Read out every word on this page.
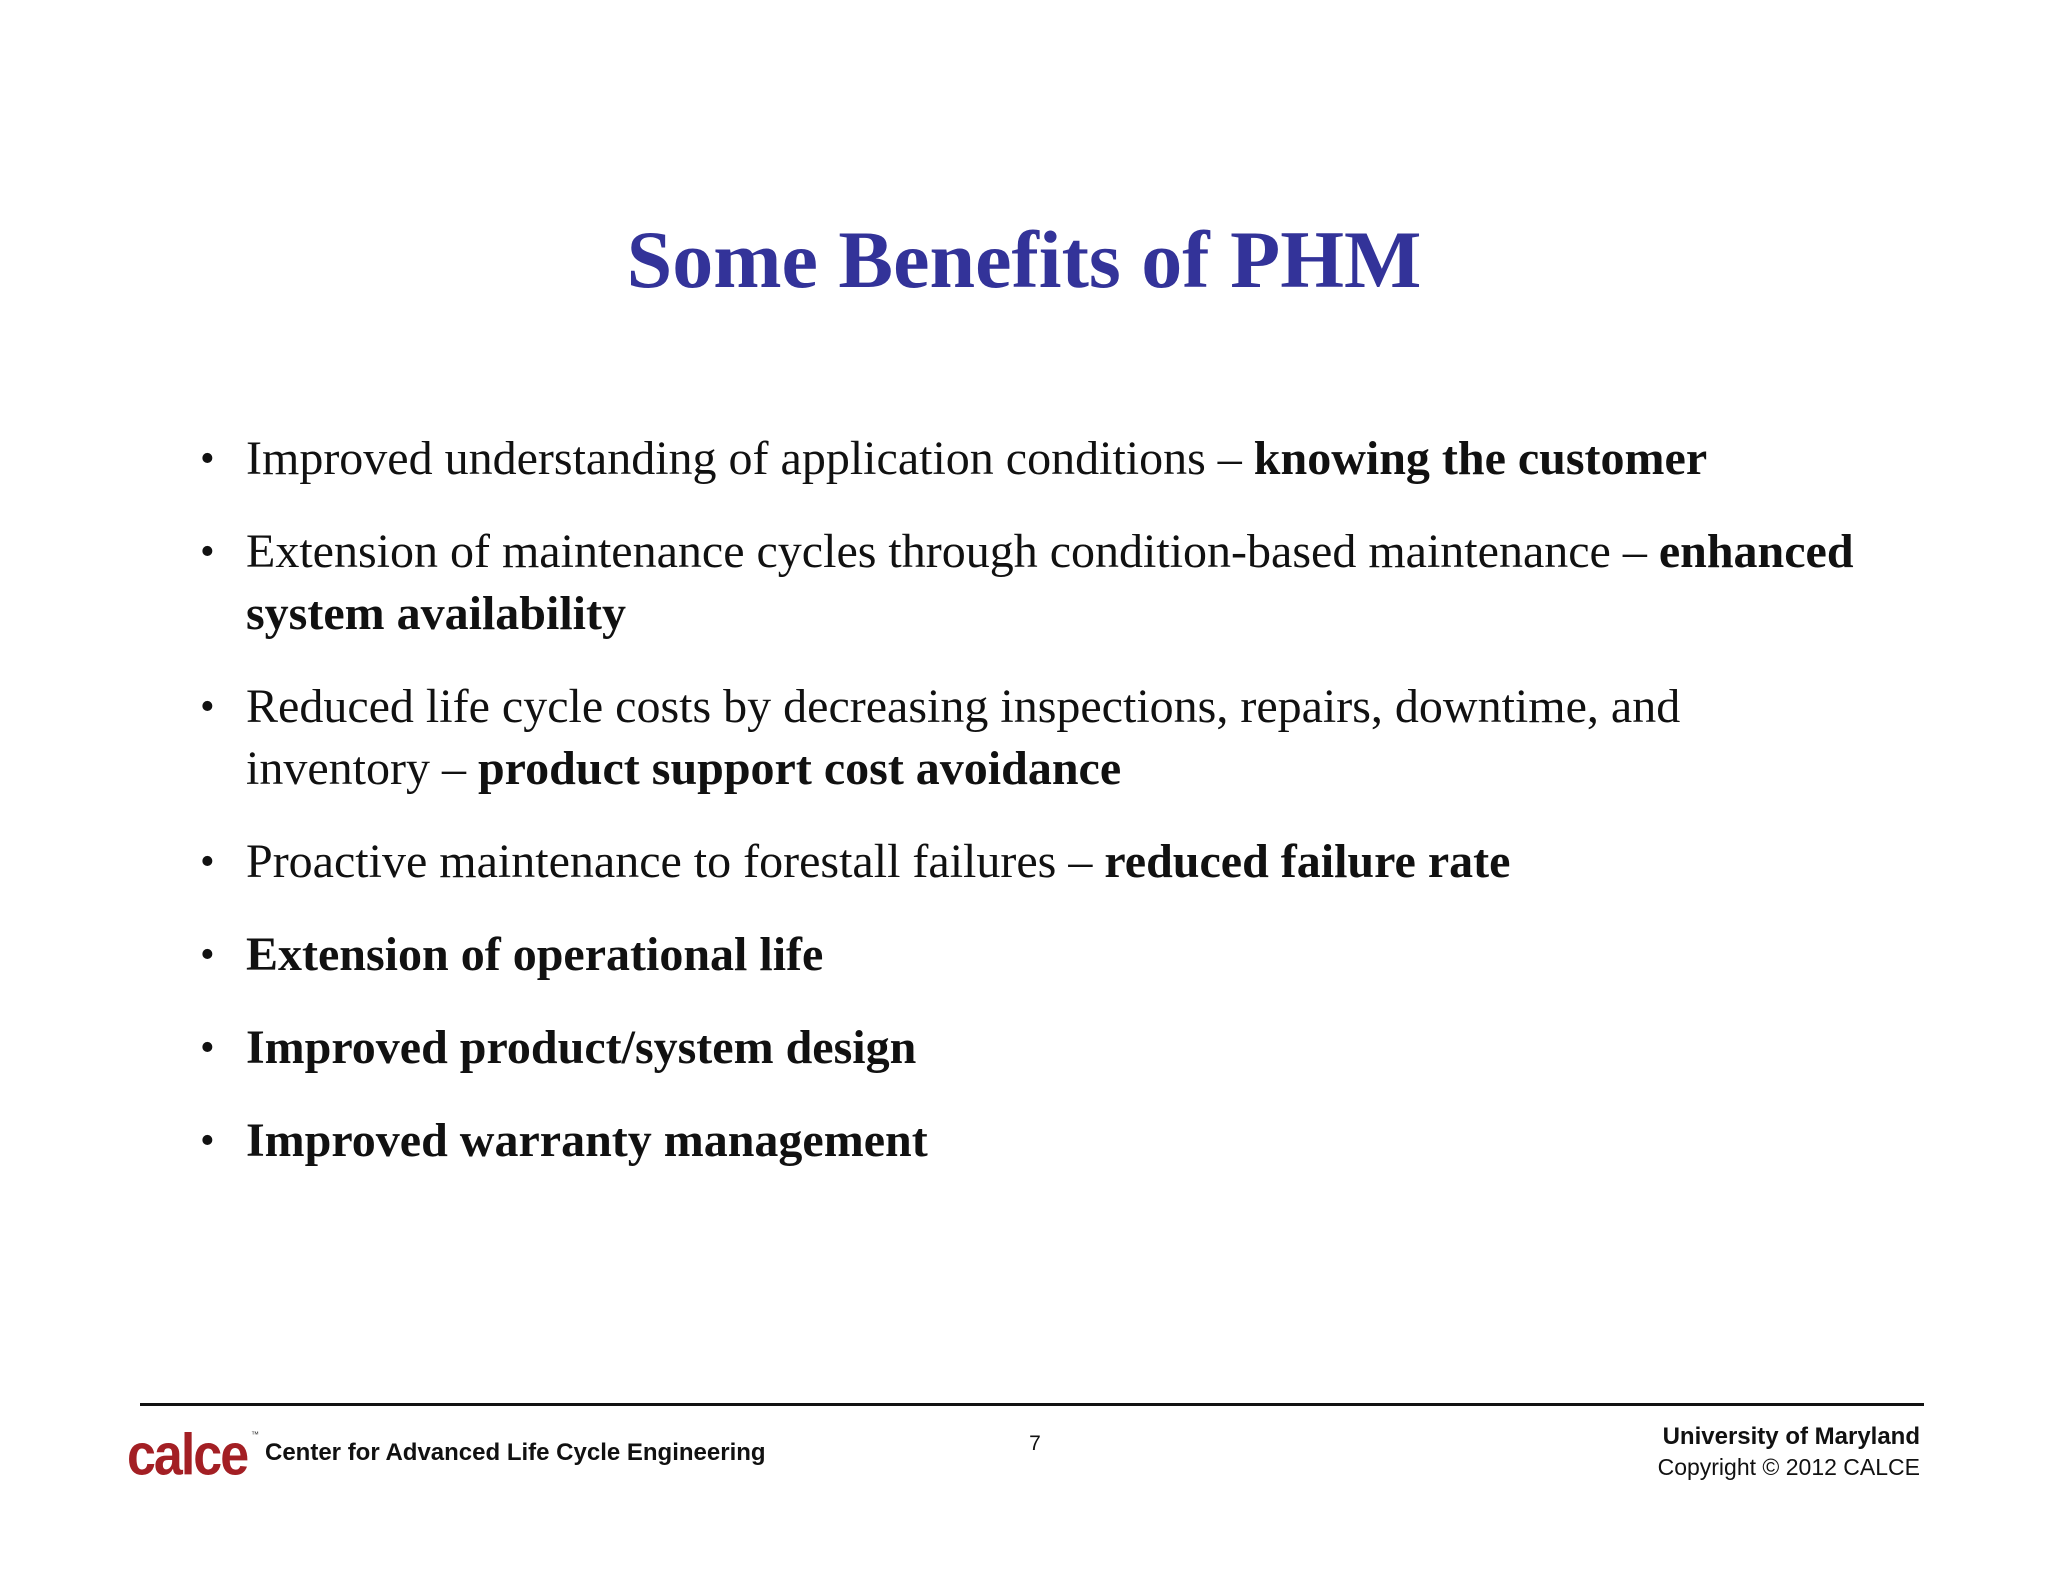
Some Benefits of PHM
• Improved understanding of application conditions – knowing the customer
• Extension of maintenance cycles through condition-based maintenance – enhanced system availability
• Reduced life cycle costs by decreasing inspections, repairs, downtime, and inventory – product support cost avoidance
• Proactive maintenance to forestall failures – reduced failure rate
• Extension of operational life
• Improved product/system design
• Improved warranty management
calce ™
Center for Advanced Life Cycle Engineering	7	University of Maryland
Copyright © 2012 CALCE
